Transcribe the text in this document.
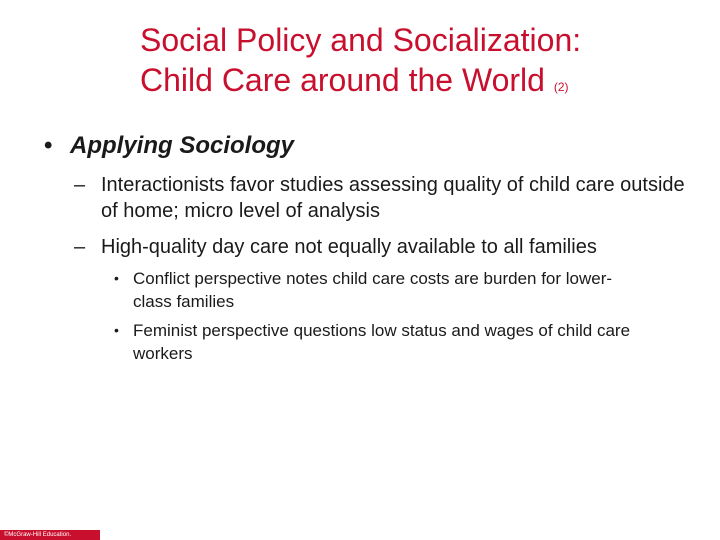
Social Policy and Socialization:
Child Care around the World (2)
• Applying Sociology
– Interactionists favor studies assessing quality of child care outside of home; micro level of analysis
– High-quality day care not equally available to all families
• Conflict perspective notes child care costs are burden for lower-class families
• Feminist perspective questions low status and wages of child care workers
©McGraw-Hill Education.
